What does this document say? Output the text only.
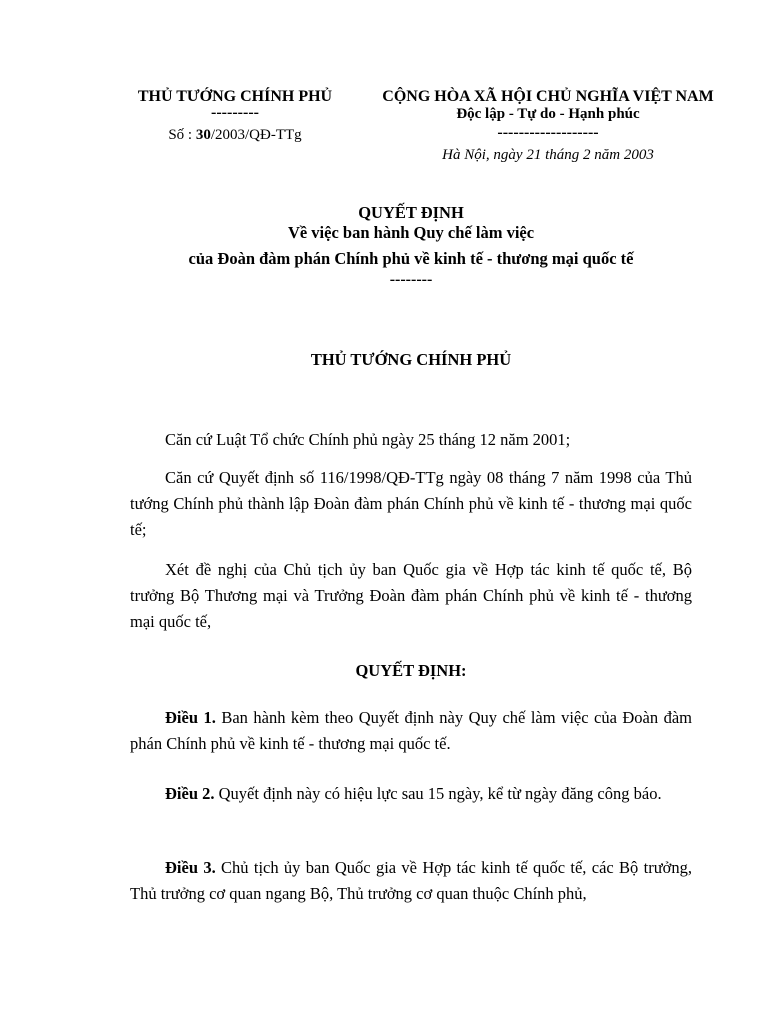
THỦ TƯỚNG CHÍNH PHỦ
---------
Số : 30/2003/QĐ-TTg
CỘNG HÒA XÃ HỘI CHỦ NGHĨA VIỆT NAM
Độc lập - Tự do - Hạnh phúc
-------------------
Hà Nội, ngày 21 tháng 2 năm 2003
QUYẾT ĐỊNH
Về việc ban hành Quy chế làm việc
của Đoàn đàm phán Chính phủ về kinh tế - thương mại quốc tế
--------
THỦ TƯỚNG CHÍNH PHỦ
Căn cứ Luật Tổ chức Chính phủ ngày 25 tháng 12 năm 2001;
Căn cứ Quyết định số 116/1998/QĐ-TTg ngày 08 tháng 7 năm 1998 của Thủ tướng Chính phủ thành lập Đoàn đàm phán Chính phủ về kinh tế - thương mại quốc tế;
Xét đề nghị của Chủ tịch ủy ban Quốc gia về Hợp tác kinh tế quốc tế, Bộ trưởng Bộ Thương mại và Trưởng Đoàn đàm phán Chính phủ về kinh tế - thương mại quốc tế,
QUYẾT ĐỊNH:
Điều 1. Ban hành kèm theo Quyết định này Quy chế làm việc của Đoàn đàm phán Chính phủ về kinh tế - thương mại quốc tế.
Điều 2. Quyết định này có hiệu lực sau 15 ngày, kể từ ngày đăng công báo.
Điều 3. Chủ tịch ủy ban Quốc gia về Hợp tác kinh tế quốc tế, các Bộ trưởng, Thủ trưởng cơ quan ngang Bộ, Thủ trưởng cơ quan thuộc Chính phủ,
